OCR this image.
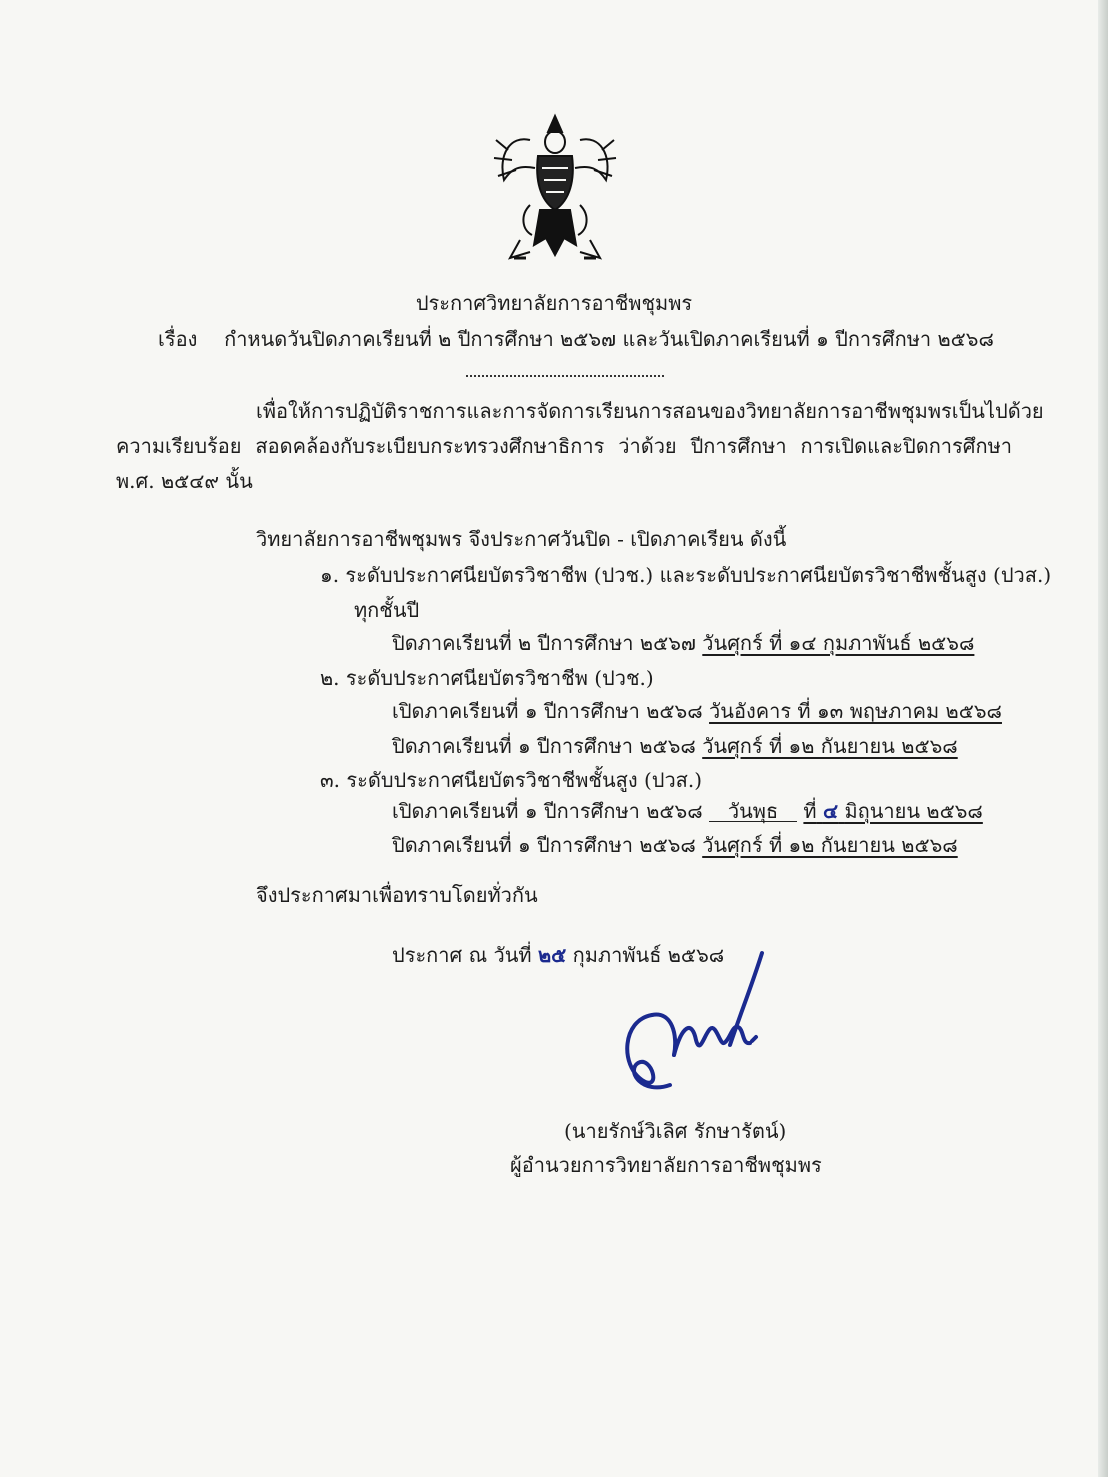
ประกาศวิทยาลัยการอาชีพชุมพร
เรื่อง กำหนดวันปิดภาคเรียนที่ ๒ ปีการศึกษา ๒๕๖๗ และวันเปิดภาคเรียนที่ ๑ ปีการศึกษา ๒๕๖๘
เพื่อให้การปฏิบัติราชการและการจัดการเรียนการสอนของวิทยาลัยการอาชีพชุมพรเป็นไปด้วย
ความเรียบร้อย สอดคล้องกับระเบียบกระทรวงศึกษาธิการ ว่าด้วย ปีการศึกษา การเปิดและปิดการศึกษา
พ.ศ. ๒๕๔๙ นั้น
วิทยาลัยการอาชีพชุมพร จึงประกาศวันปิด - เปิดภาคเรียน ดังนี้
๑. ระดับประกาศนียบัตรวิชาชีพ (ปวช.) และระดับประกาศนียบัตรวิชาชีพชั้นสูง (ปวส.)
ทุกชั้นปี
ปิดภาคเรียนที่ ๒ ปีการศึกษา ๒๕๖๗ วันศุกร์ ที่ ๑๔ กุมภาพันธ์ ๒๕๖๘
๒. ระดับประกาศนียบัตรวิชาชีพ (ปวช.)
เปิดภาคเรียนที่ ๑ ปีการศึกษา ๒๕๖๘ วันอังคาร ที่ ๑๓ พฤษภาคม ๒๕๖๘
ปิดภาคเรียนที่ ๑ ปีการศึกษา ๒๕๖๘ วันศุกร์ ที่ ๑๒ กันยายน ๒๕๖๘
๓. ระดับประกาศนียบัตรวิชาชีพชั้นสูง (ปวส.)
เปิดภาคเรียนที่ ๑ ปีการศึกษา ๒๕๖๘ วันพุธ ที่ ๔ มิถุนายน ๒๕๖๘
ปิดภาคเรียนที่ ๑ ปีการศึกษา ๒๕๖๘ วันศุกร์ ที่ ๑๒ กันยายน ๒๕๖๘
จึงประกาศมาเพื่อทราบโดยทั่วกัน
ประกาศ ณ วันที่ ๒๕ กุมภาพันธ์ ๒๕๖๘
(นายรักษ์วิเลิศ รักษารัตน์)
ผู้อำนวยการวิทยาลัยการอาชีพชุมพร
